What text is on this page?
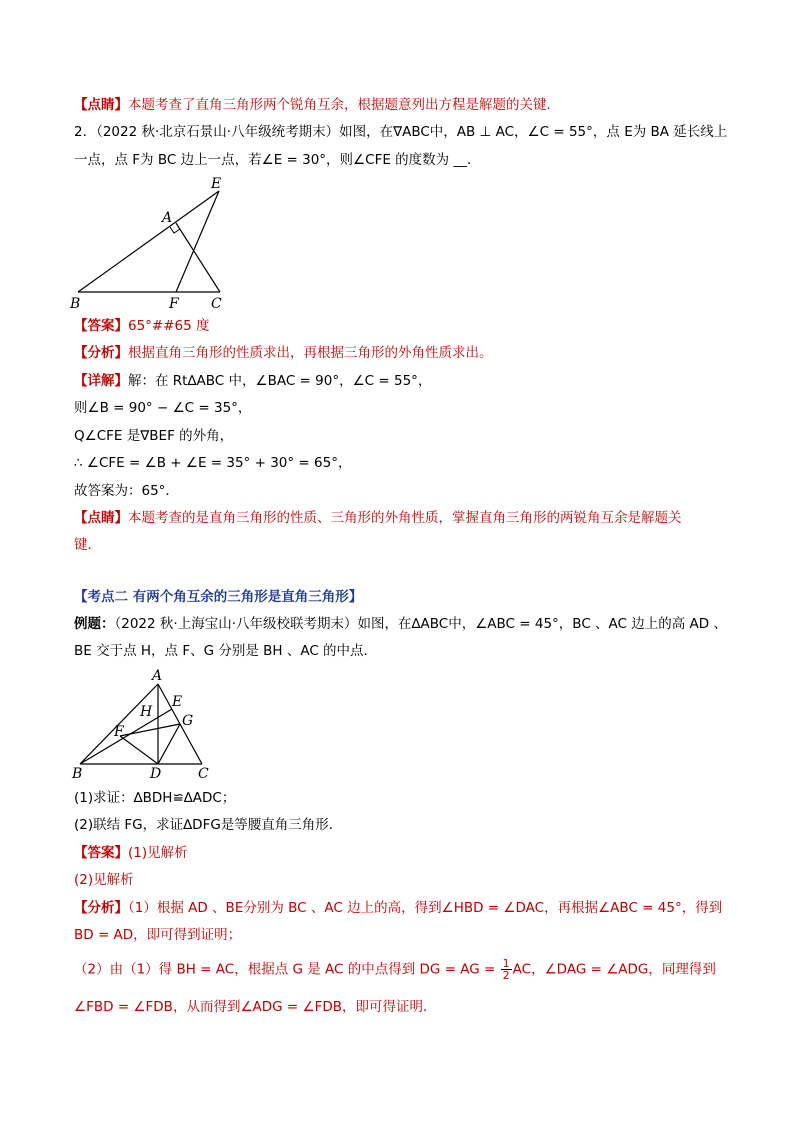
【点睛】本题考查了直角三角形两个锐角互余，根据题意列出方程是解题的关键．
2．（2022 秋·北京石景山·八年级统考期末）如图，在∇ABC中，AB ⊥ AC，∠C = 55°，点 E为 BA 延长线上
一点，点 F为 BC 边上一点，若∠E = 30°，则∠CFE 的度数为 __．
E
A
B	F C
【答案】65°##65 度
【分析】根据直角三角形的性质求出，再根据三角形的外角性质求出。
【详解】解：在 Rt∆ABC 中，∠BAC = 90°，∠C = 55°，
则∠B = 90° − ∠C = 35°，
Q∠CFE 是∇BEF 的外角，
∴ ∠CFE = ∠B + ∠E = 35° + 30° = 65°，
故答案为：65°．
【点睛】本题考查的是直角三角形的性质、三角形的外角性质，掌握直角三角形的两锐角互余是解题关
键．
【考点二 有两个角互余的三角形是直角三角形】
例题：（2022 秋·上海宝山·八年级校联考期末）如图，在∆ABC中，∠ABC = 45°，BC 、AC 边上的高 AD 、
BE 交于点 H，点 F、G 分别是 BH 、AC 的中点．
A
H
E
G
F
B	D	C
(1)求证：∆BDH≌∆ADC；
(2)联结 FG，求证∆DFG是等腰直角三角形．
【答案】(1)见解析
(2)见解析
【分析】（1）根据 AD 、BE分别为 BC 、AC 边上的高，得到∠HBD = ∠DAC，再根据∠ABC = 45°，得到
BD = AD，即可得到证明；
（2）由（1）得 BH = AC，根据点 G 是 AC 的中点得到 DG = AG = $\frac{1}{2}$ AC，∠DAG = ∠ADG，同理得到
∠FBD = ∠FDB，从而得到∠ADG = ∠FDB，即可得证明．
